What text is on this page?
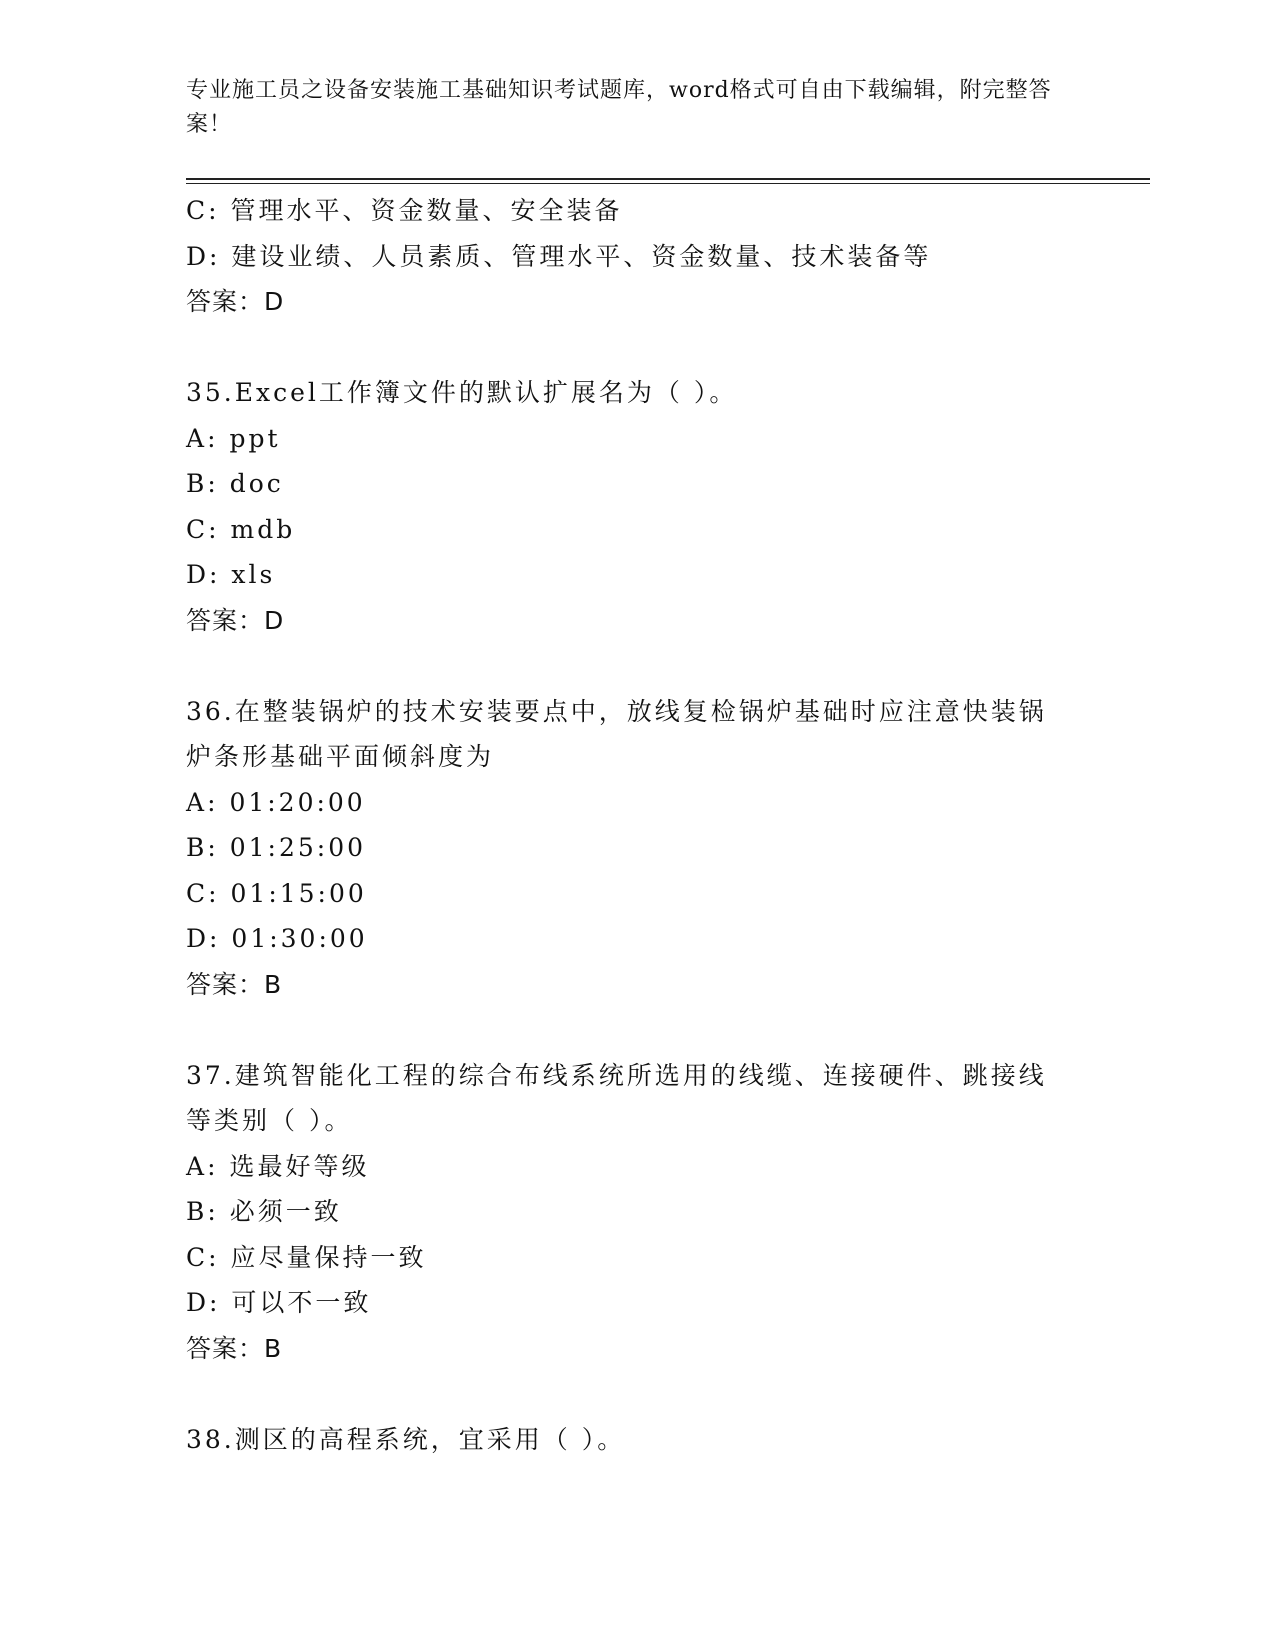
专业施工员之设备安装施工基础知识考试题库，word格式可自由下载编辑，附完整答案！
C: 管理水平、资金数量、安全装备
D: 建设业绩、人员素质、管理水平、资金数量、技术装备等
答案：D
35.Excel工作簿文件的默认扩展名为（ ）。
A: ppt
B: doc
C: mdb
D: xls
答案：D
36.在整装锅炉的技术安装要点中，放线复检锅炉基础时应注意快装锅炉条形基础平面倾斜度为
A: 01:20:00
B: 01:25:00
C: 01:15:00
D: 01:30:00
答案：B
37.建筑智能化工程的综合布线系统所选用的线缆、连接硬件、跳接线等类别（ ）。
A: 选最好等级
B: 必须一致
C: 应尽量保持一致
D: 可以不一致
答案：B
38.测区的高程系统，宜采用（ ）。
